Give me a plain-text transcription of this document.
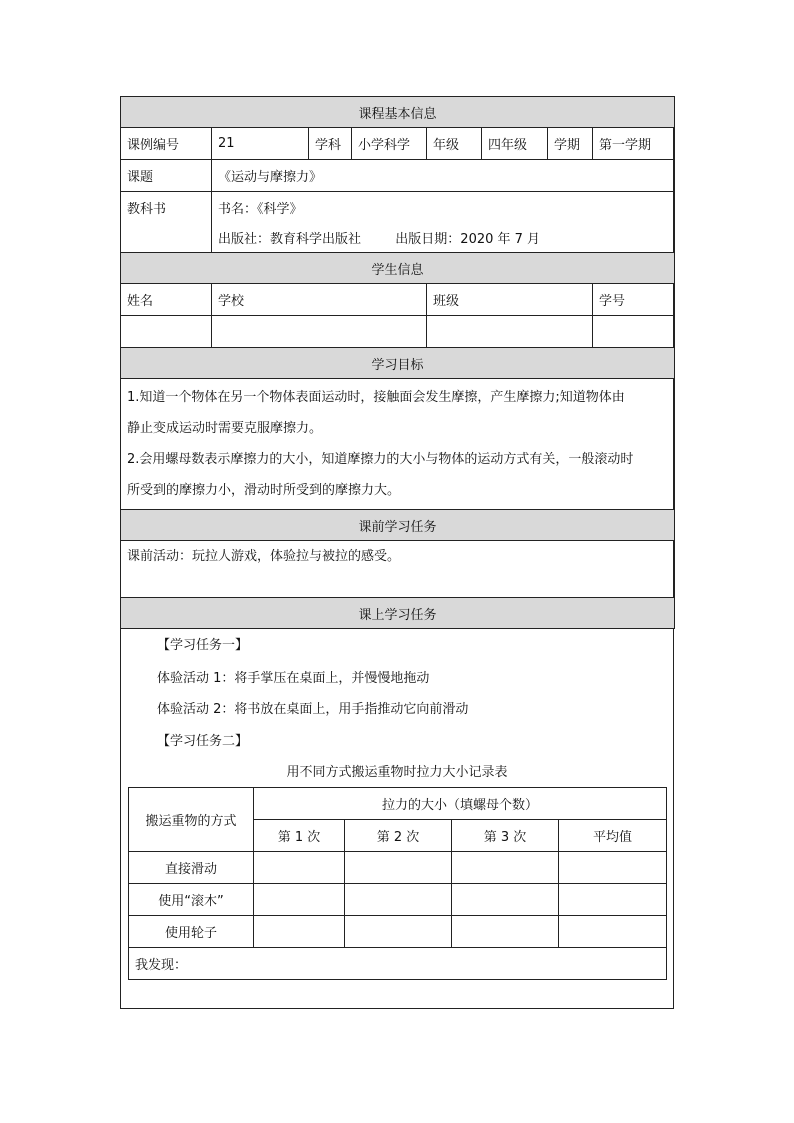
课程基本信息							
课例编号	21	学科	小学科学	年级	四年级	学期	第一学期
课题	《运动与摩擦力》						
教科书	书名：《科学》						
	出版社：教育科学出版社 出版日期：2020 年 7 月						
学生信息							
姓名	学校			班级			学号

学习目标							

1.知道一个物体在另一个物体表面运动时，接触面会发生摩擦，产生摩擦力;知道物体由

静止变成运动时需要克服摩擦力。

2.会用螺母数表示摩擦力的大小，知道摩擦力的大小与物体的运动方式有关，一般滚动时

所受到的摩擦力小，滑动时所受到的摩擦力大。							

课前学习任务							
课前活动：玩拉人游戏，体验拉与被拉的感受。							
课上学习任务							
【学习任务一】
体验活动 1：将手掌压在桌面上，并慢慢地拖动
体验活动 2：将书放在桌面上，用手指推动它向前滑动
【学习任务二】
用不同方式搬运重物时拉力大小记录表
搬运重物的方式	拉力的大小（填螺母个数）			
	第 1 次	第 2 次	第 3 次	平均值
直接滑动				
使用“滚木”				
使用轮子				
我发现：				
